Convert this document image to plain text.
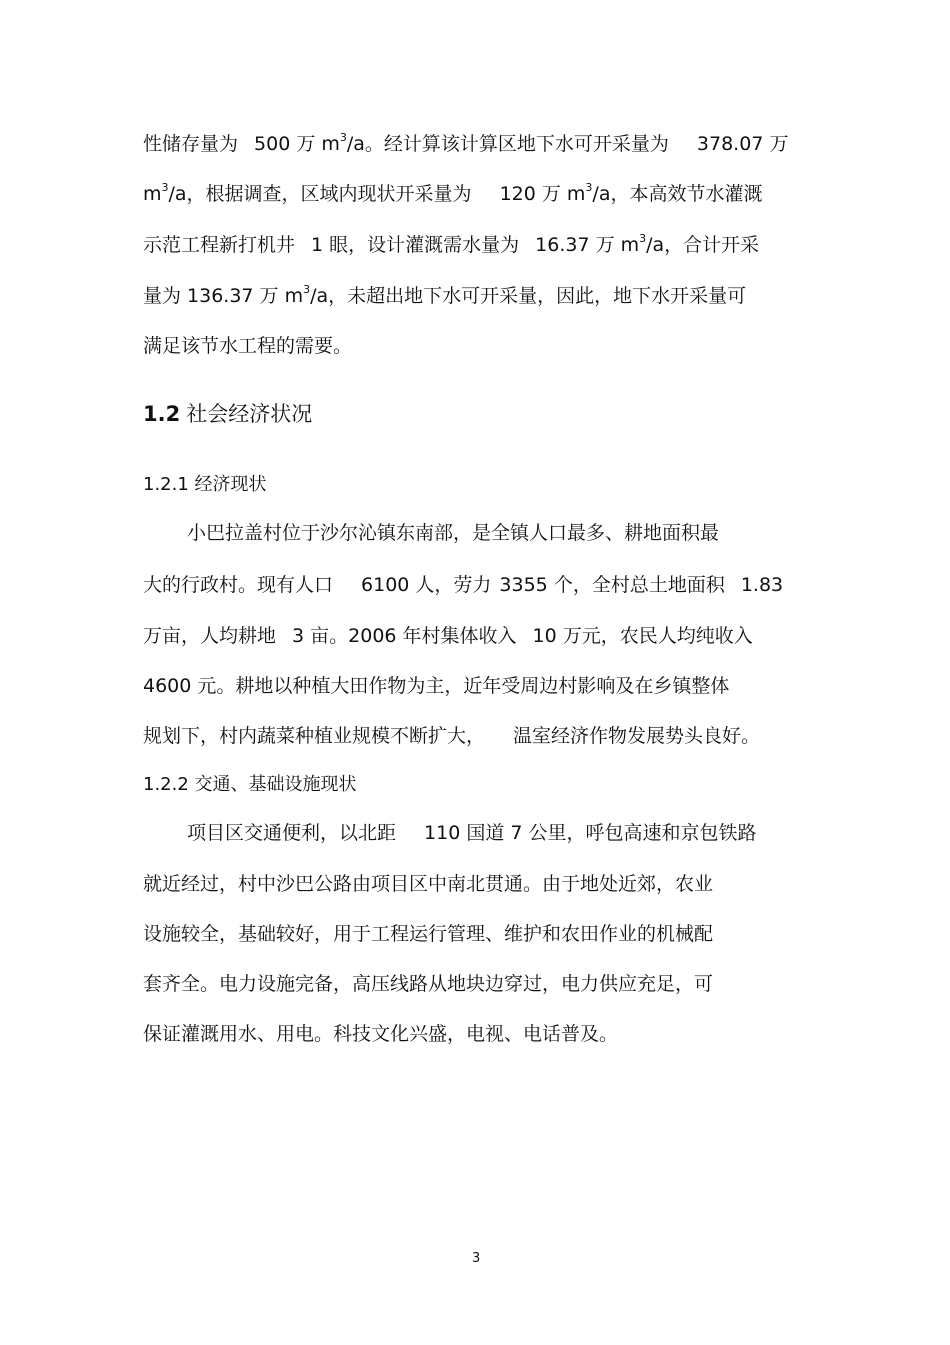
性储存量为 500 万 $m^3/a$。经计算该计算区地下水可开采量为 378.07 万
$m^3/a$，根据调查，区域内现状开采量为 120 万 $m^3/a$，本高效节水灌溉
示范工程新打机井 1 眼，设计灌溉需水量为 16.37 万 $m^3/a$，合计开采
量为 136.37 万 $m^3/a$，未超出地下水可开采量，因此，地下水开采量可
满足该节水工程的需要。
1.2 社会经济状况
1.2.1 经济现状
小巴拉盖村位于沙尔沁镇东南部，是全镇人口最多、耕地面积最
大的行政村。现有人口 6100 人，劳力 3355 个，全村总土地面积 1.83
万亩，人均耕地 3 亩。2006 年村集体收入 10 万元，农民人均纯收入
4600 元。耕地以种植大田作物为主，近年受周边村影响及在乡镇整体
规划下，村内蔬菜种植业规模不断扩大， 温室经济作物发展势头良好。
1.2.2 交通、基础设施现状
项目区交通便利，以北距 110 国道 7 公里，呼包高速和京包铁路
就近经过，村中沙巴公路由项目区中南北贯通。由于地处近郊，农业
设施较全，基础较好，用于工程运行管理、维护和农田作业的机械配
套齐全。电力设施完备，高压线路从地块边穿过，电力供应充足，可
保证灌溉用水、用电。科技文化兴盛，电视、电话普及。
3
